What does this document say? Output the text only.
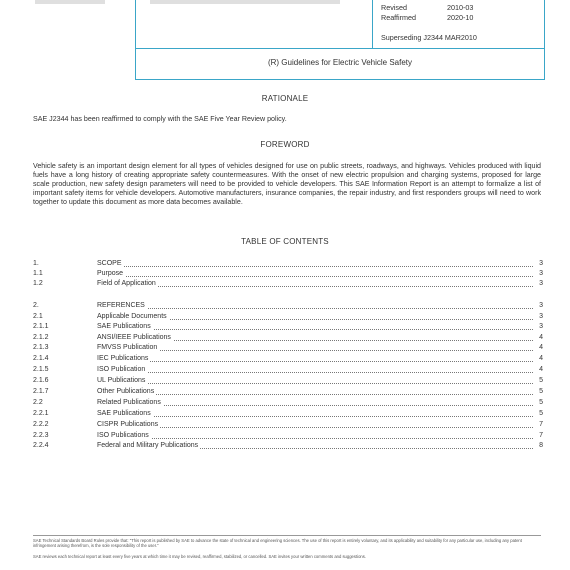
Revised	2010-03
Reaffirmed	2020-10
Superseding J2344 MAR2010
(R) Guidelines for Electric Vehicle Safety
RATIONALE
SAE J2344 has been reaffirmed to comply with the SAE Five Year Review policy.
FOREWORD
Vehicle safety is an important design element for all types of vehicles designed for use on public streets, roadways, and highways. Vehicles produced with liquid fuels have a long history of creating appropriate safety countermeasures. With the onset of new electric propulsion and charging systems, proposed for large scale production, new safety design parameters will need to be provided to vehicle developers. This SAE Information Report is an attempt to formalize a list of important safety items for vehicle developers. Automotive manufacturers, insurance companies, the repair industry, and first responders groups will need to work together to update this document as more data becomes available.
TABLE OF CONTENTS
1.	SCOPE	3
1.1	Purpose	3
1.2	Field of Application	3
2.	REFERENCES	3
2.1	Applicable Documents	3
2.1.1	SAE Publications	3
2.1.2	ANSI/IEEE Publications	4
2.1.3	FMVSS Publication	4
2.1.4	IEC Publications	4
2.1.5	ISO Publication	4
2.1.6	UL Publications	5
2.1.7	Other Publications	5
2.2	Related Publications	5
2.2.1	SAE Publications	5
2.2.2	CISPR Publications	7
2.2.3	ISO Publications	7
2.2.4	Federal and Military Publications	8
SAE Technical Standards Board Rules provide that: "This report is published by SAE to advance the state of technical and engineering sciences. The use of this report is entirely voluntary, and its applicability and suitability for any particular use, including any patent infringement arising therefrom, is the sole responsibility of the user."
SAE reviews each technical report at least every five years at which time it may be revised, reaffirmed, stabilized, or cancelled. SAE invites your written comments and suggestions.
